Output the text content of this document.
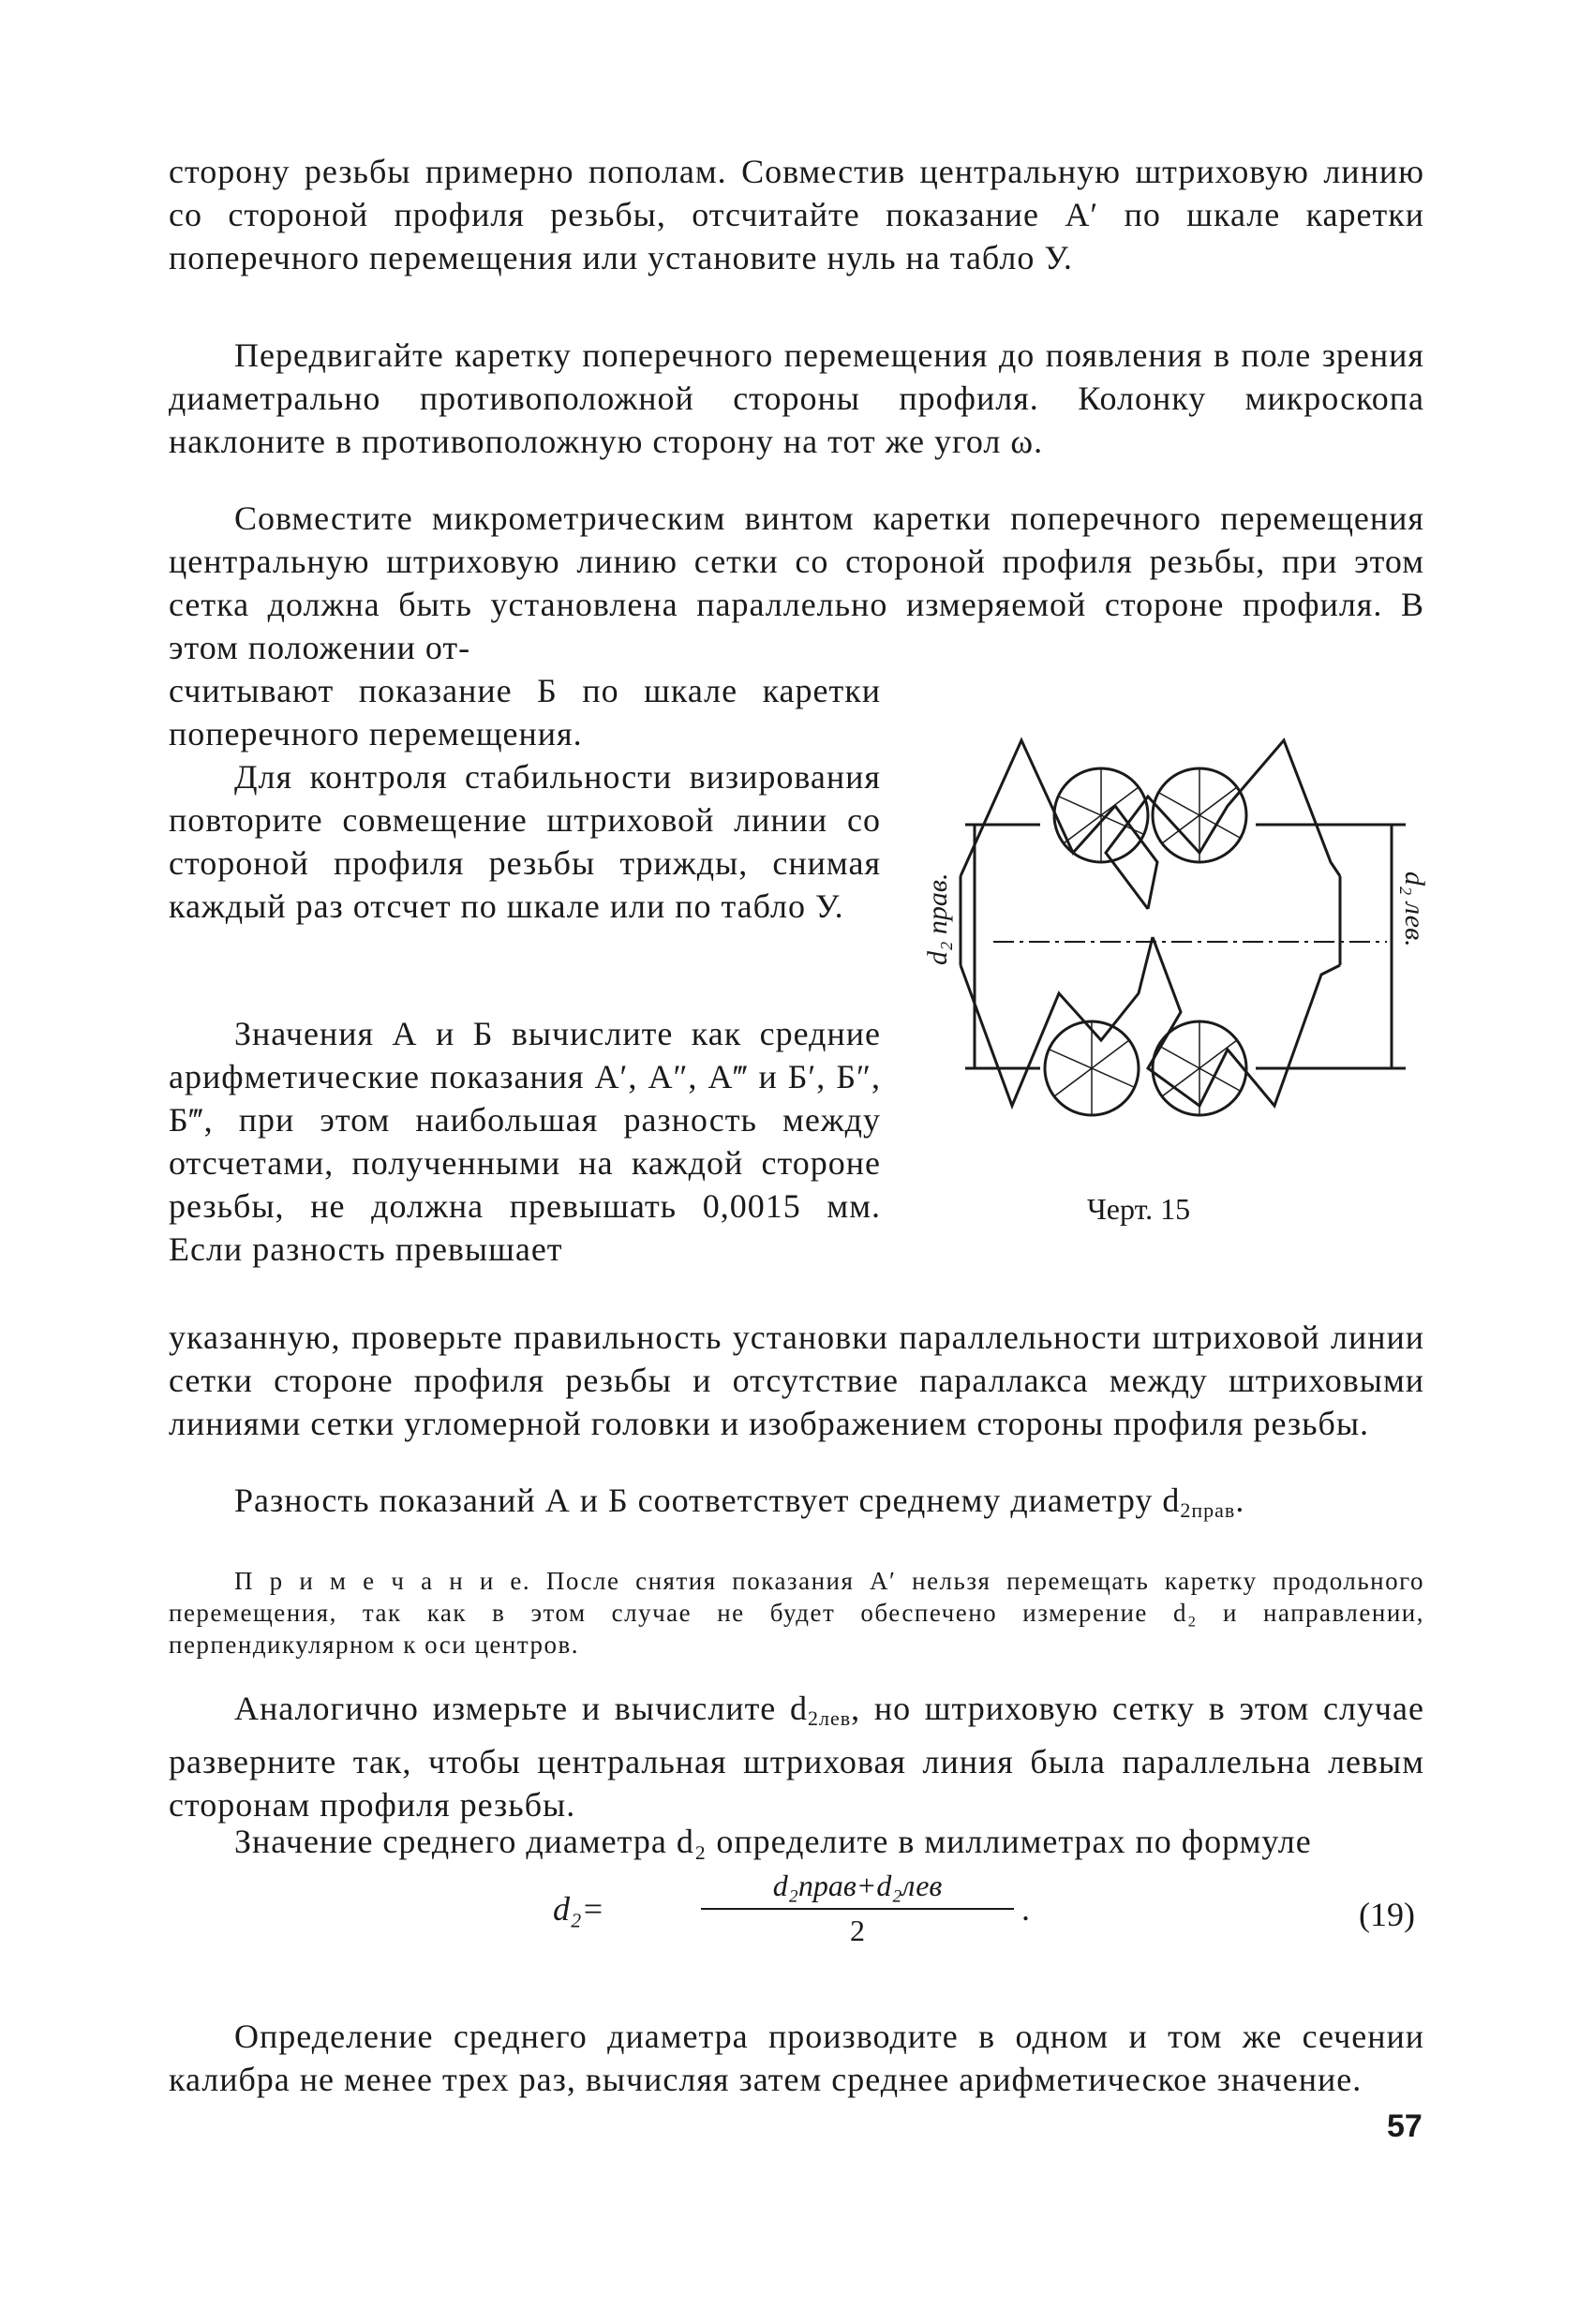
сторону резьбы примерно пополам. Совместив центральную штриховую линию со стороной профиля резьбы, отсчитайте показание А′ по шкале каретки поперечного перемещения или установите нуль на табло У.

Передвигайте каретку поперечного перемещения до появления в поле зрения диаметрально противоположной стороны профиля. Колонку микроскопа наклоните в противоположную сторону на тот же угол ω.

Совместите микрометрическим винтом каретки поперечного перемещения центральную штриховую линию сетки со стороной профиля резьбы, при этом сетка должна быть установлена параллельно измеряемой стороне профиля. В этом положении от-

считывают показание Б по шкале каретки поперечного перемещения.

Для контроля стабильности визирования повторите совмещение штриховой линии со стороной профиля резьбы трижды, снимая каждый раз отсчет по шкале или по табло У.

Значения А и Б вычислите как средние арифметические показания А′, А″, А‴ и Б′, Б″, Б‴, при этом наибольшая разность между отсчетами, полученными на каждой стороне резьбы, не должна превышать 0,0015 мм. Если разность превышает

указанную, проверьте правильность установки параллельности штриховой линии сетки стороне профиля резьбы и отсутствие параллакса между штриховыми линиями сетки угломерной головки и изображением стороны профиля резьбы.

Разность показаний А и Б соответствует среднему диаметру $d_{2прав}$.

П р и м е ч а н и е. После снятия показания А′ нельзя перемещать каретку продольного перемещения, так как в этом случае не будет обеспечено измерение d₂ и направлении, перпендикулярном к оси центров.

Аналогично измерьте и вычислите $d_{2лев}$, но штриховую сетку в этом случае разверните так, чтобы центральная штриховая линия была параллельна левым сторонам профиля резьбы.

Значение среднего диаметра d₂ определите в миллиметрах по формуле

d₂=
d₂прав+d₂лев
2
.	(19)

Определение среднего диаметра производите в одном и том же сечении калибра не менее трех раз, вычисляя затем среднее арифметическое значение.

d₂ прав.	d₂ лев.
Черт. 15
57
